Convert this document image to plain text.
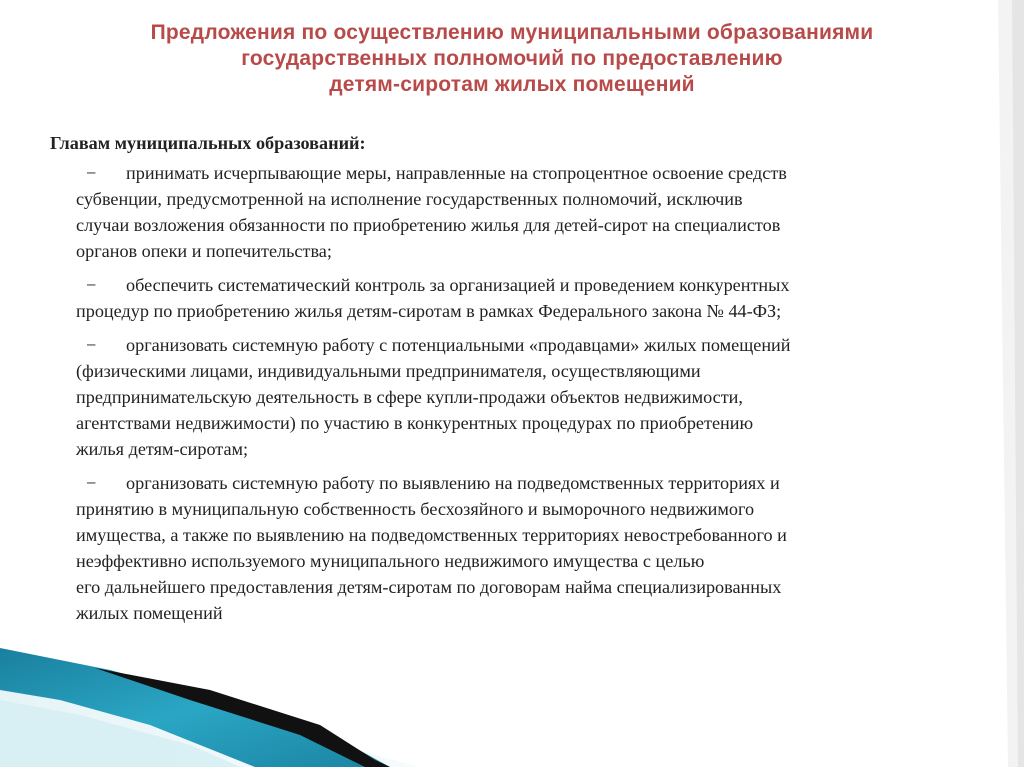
Предложения по осуществлению муниципальными образованиями
государственных полномочий по предоставлению
детям-сиротам жилых помещений
Главам муниципальных образований:
− принимать исчерпывающие меры, направленные на стопроцентное освоение средств
субвенции, предусмотренной на исполнение государственных полномочий, исключив
случаи возложения обязанности по приобретению жилья для детей-сирот на специалистов
органов опеки и попечительства;
− обеспечить систематический контроль за организацией и проведением конкурентных
процедур по приобретению жилья детям-сиротам в рамках Федерального закона № 44-ФЗ;
− организовать системную работу с потенциальными «продавцами» жилых помещений
(физическими лицами, индивидуальными предпринимателя, осуществляющими
предпринимательскую деятельность в сфере купли-продажи объектов недвижимости,
агентствами недвижимости) по участию в конкурентных процедурах по приобретению
жилья детям-сиротам;
− организовать системную работу по выявлению на подведомственных территориях и
принятию в муниципальную собственность бесхозяйного и выморочного недвижимого
имущества, а также по выявлению на подведомственных территориях невостребованного и
неэффективно используемого муниципального недвижимого имущества с целью
его дальнейшего предоставления детям-сиротам по договорам найма специализированных
жилых помещений
